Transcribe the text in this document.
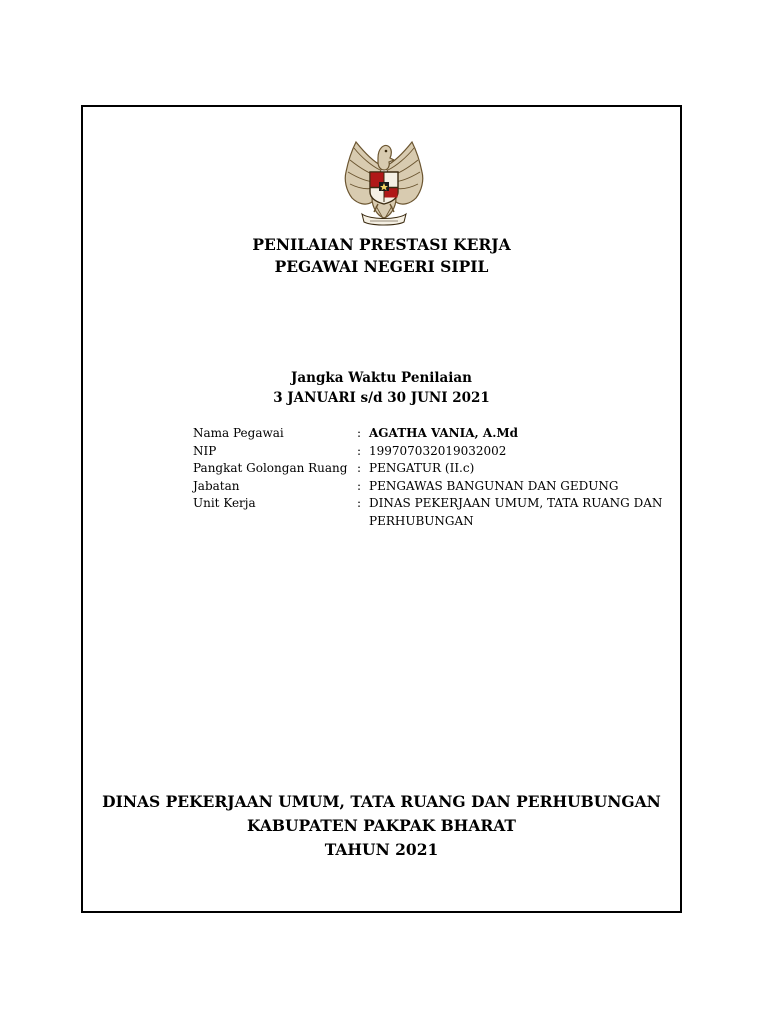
PENILAIAN PRESTASI KERJA
PEGAWAI NEGERI SIPIL
Jangka Waktu Penilaian
3 JANUARI s/d 30 JUNI 2021
Nama Pegawai	:	AGATHA VANIA, A.Md
NIP	:	199707032019032002
Pangkat Golongan Ruang	:	PENGATUR (II.c)
Jabatan	:	PENGAWAS BANGUNAN DAN GEDUNG
Unit Kerja	:	DINAS PEKERJAAN UMUM, TATA RUANG DAN PERHUBUNGAN
DINAS PEKERJAAN UMUM, TATA RUANG DAN PERHUBUNGAN
KABUPATEN PAKPAK BHARAT
TAHUN 2021
